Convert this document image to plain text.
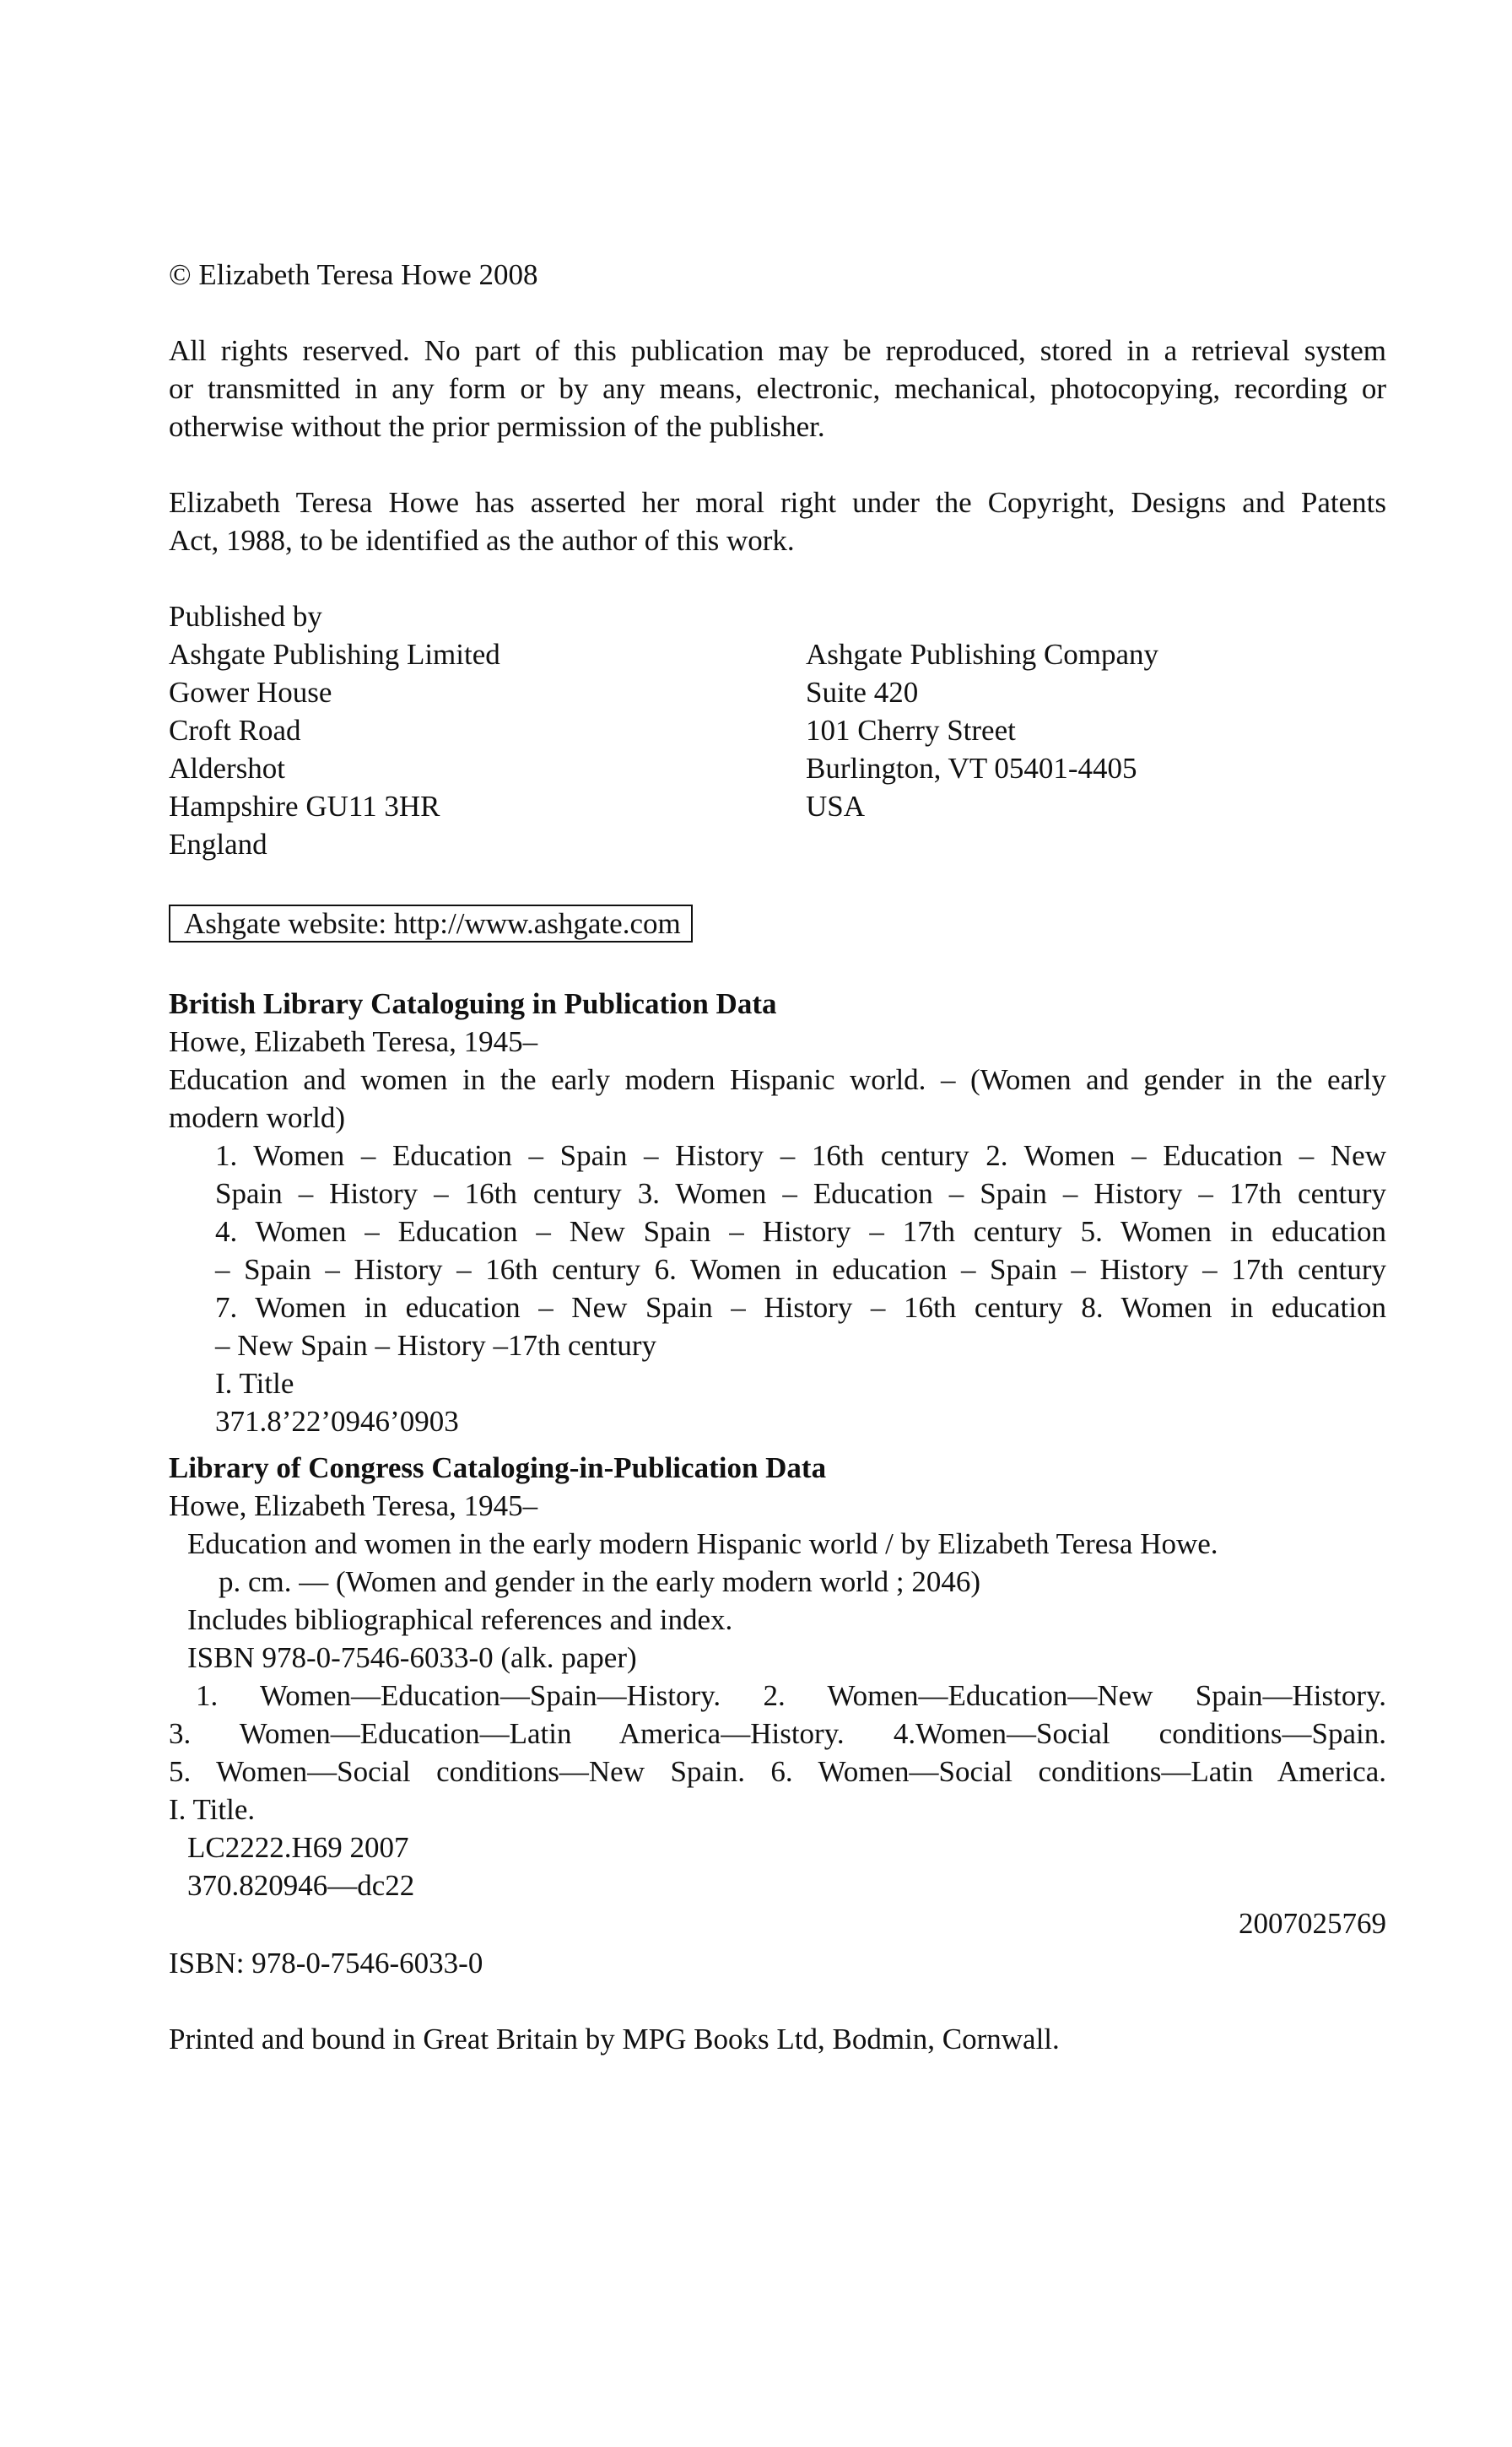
© Elizabeth Teresa Howe 2008
All rights reserved. No part of this publication may be reproduced, stored in a retrieval system
or transmitted in any form or by any means, electronic, mechanical, photocopying, recording or
otherwise without the prior permission of the publisher.
Elizabeth Teresa Howe has asserted her moral right under the Copyright, Designs and Patents
Act, 1988, to be identified as the author of this work.
Published by
Ashgate Publishing Limited
Gower House
Croft Road
Aldershot
Hampshire GU11 3HR
England
Ashgate Publishing Company
Suite 420
101 Cherry Street
Burlington, VT 05401-4405
USA
Ashgate website: http://www.ashgate.com
British Library Cataloguing in Publication Data
Howe, Elizabeth Teresa, 1945–
Education and women in the early modern Hispanic world. – (Women and gender in the early
modern world)
1. Women – Education – Spain – History – 16th century 2. Women – Education – New
Spain – History – 16th century 3. Women – Education – Spain – History – 17th century
4. Women – Education – New Spain – History – 17th century 5. Women in education
– Spain – History – 16th century 6. Women in education – Spain – History – 17th century
7. Women in education – New Spain – History – 16th century 8. Women in education
– New Spain – History –17th century
I. Title
371.8’22’0946’0903
Library of Congress Cataloging-in-Publication Data
Howe, Elizabeth Teresa, 1945–
Education and women in the early modern Hispanic world / by Elizabeth Teresa Howe.
p. cm. — (Women and gender in the early modern world ; 2046)
Includes bibliographical references and index.
ISBN 978-0-7546-6033-0 (alk. paper)
1. Women—Education—Spain—History. 2. Women—Education—New Spain—History.
3. Women—Education—Latin America—History. 4.Women—Social conditions—Spain.
5. Women—Social conditions—New Spain. 6. Women—Social conditions—Latin America.
I. Title.
LC2222.H69 2007
370.820946—dc22
2007025769
ISBN: 978-0-7546-6033-0
Printed and bound in Great Britain by MPG Books Ltd, Bodmin, Cornwall.
